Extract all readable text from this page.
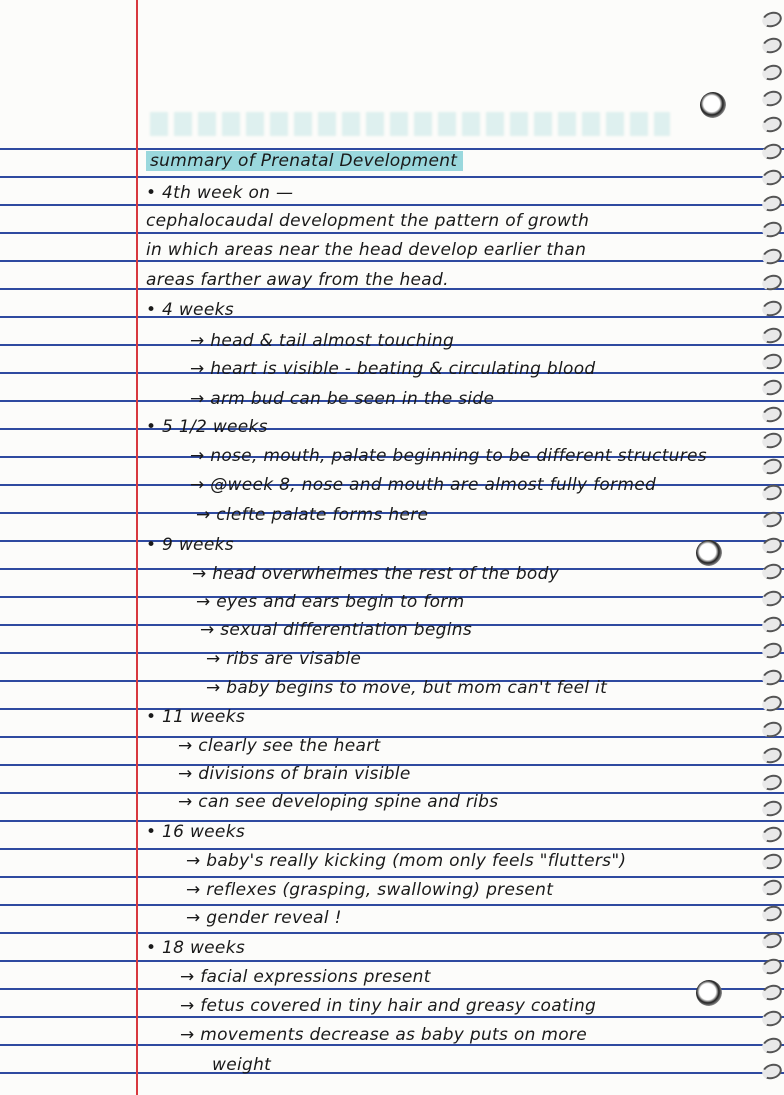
summary of Prenatal Development

• 4th week on —

cephalocaudal development the pattern of growth

in which areas near the head develop earlier than

areas farther away from the head.

• 4 weeks

→ head & tail almost touching

→ heart is visible - beating & circulating blood

→ arm bud can be seen in the side

• 5 1/2 weeks

→ nose, mouth, palate beginning to be different structures

→ @week 8, nose and mouth are almost fully formed

→ clefte palate forms here

• 9 weeks

→ head overwhelmes the rest of the body

→ eyes and ears begin to form

→ sexual differentiation begins

→ ribs are visable

→ baby begins to move, but mom can't feel it

• 11 weeks

→ clearly see the heart

→ divisions of brain visible

→ can see developing spine and ribs

• 16 weeks

→ baby's really kicking (mom only feels "flutters")

→ reflexes (grasping, swallowing) present

→ gender reveal !

• 18 weeks

→ facial expressions present

→ fetus covered in tiny hair and greasy coating

→ movements decrease as baby puts on more

weight
